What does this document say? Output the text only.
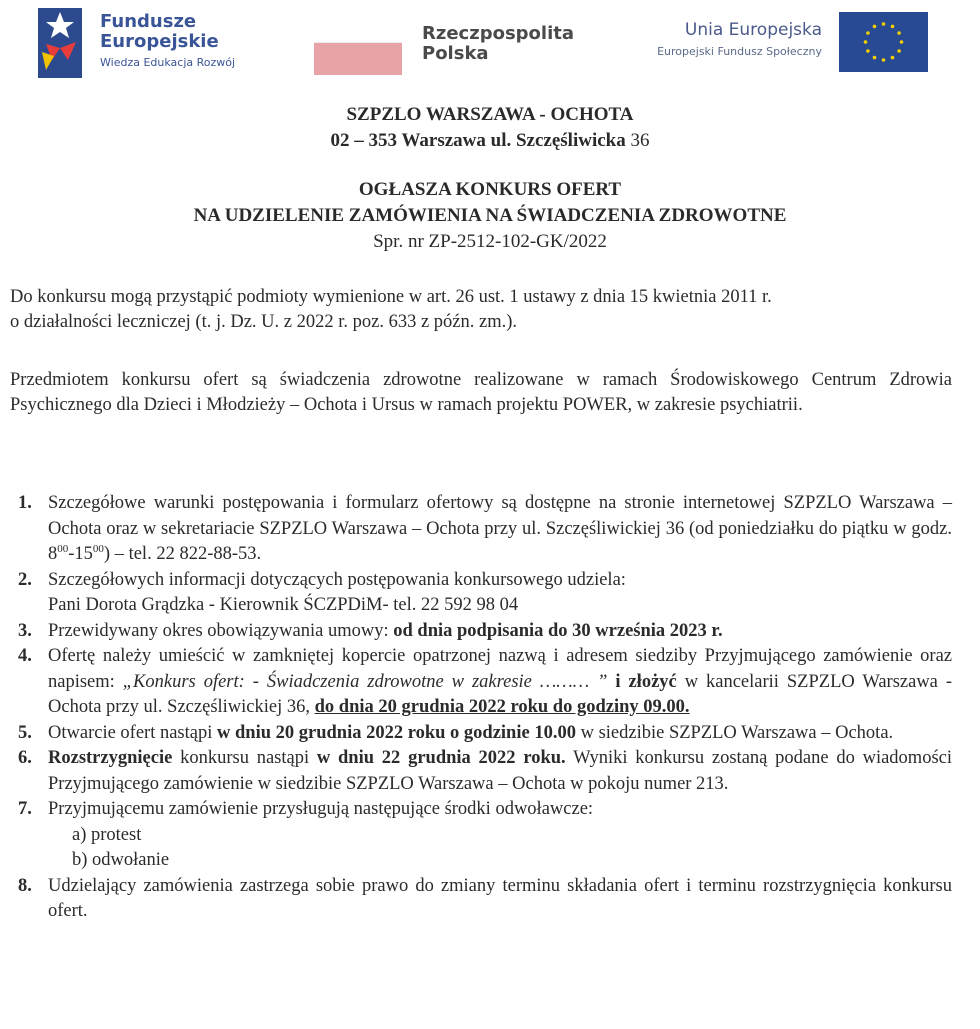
Fundusze
Europejskie
Wiedza Edukacja Rozwój
Rzeczpospolita
Polska
Unia Europejska
Europejski Fundusz Społeczny
SZPZLO WARSZAWA - OCHOTA
02 – 353 Warszawa ul. Szczęśliwicka 36
OGŁASZA KONKURS OFERT
NA UDZIELENIE ZAMÓWIENIA NA ŚWIADCZENIA ZDROWOTNE
Spr. nr ZP-2512-102-GK/2022
Do konkursu mogą przystąpić podmioty wymienione w art. 26 ust. 1 ustawy z dnia 15 kwietnia 2011 r.
o działalności leczniczej (t. j. Dz. U. z 2022 r. poz. 633 z późn. zm.).
Przedmiotem konkursu ofert są świadczenia zdrowotne realizowane w ramach Środowiskowego Centrum Zdrowia Psychicznego dla Dzieci i Młodzieży – Ochota i Ursus w ramach projektu POWER, w zakresie psychiatrii.
1. Szczegółowe warunki postępowania i formularz ofertowy są dostępne na stronie internetowej SZPZLO Warszawa – Ochota oraz w sekretariacie SZPZLO Warszawa – Ochota przy ul. Szczęśliwickiej 36 (od poniedziałku do piątku w godz. $8^{00}-15^{00}$) – tel. 22 822-88-53.
2. Szczegółowych informacji dotyczących postępowania konkursowego udziela:
Pani Dorota Grądzka - Kierownik ŚCZPDiM- tel. 22 592 98 04
3. Przewidywany okres obowiązywania umowy: od dnia podpisania do 30 września 2023 r.
4. Ofertę należy umieścić w zamkniętej kopercie opatrzonej nazwą i adresem siedziby Przyjmującego zamówienie oraz napisem: „Konkurs ofert: - Świadczenia zdrowotne w zakresie ……… ” i złożyć w kancelarii SZPZLO Warszawa - Ochota przy ul. Szczęśliwickiej 36, do dnia 20 grudnia 2022 roku do godziny 09.00.
5. Otwarcie ofert nastąpi w dniu 20 grudnia 2022 roku o godzinie 10.00 w siedzibie SZPZLO Warszawa – Ochota.
6. Rozstrzygnięcie konkursu nastąpi w dniu 22 grudnia 2022 roku. Wyniki konkursu zostaną podane do wiadomości Przyjmującego zamówienie w siedzibie SZPZLO Warszawa – Ochota w pokoju numer 213.
7. Przyjmującemu zamówienie przysługują następujące środki odwoławcze:
a) protest
b) odwołanie
8. Udzielający zamówienia zastrzega sobie prawo do zmiany terminu składania ofert i terminu rozstrzygnięcia konkursu ofert.
